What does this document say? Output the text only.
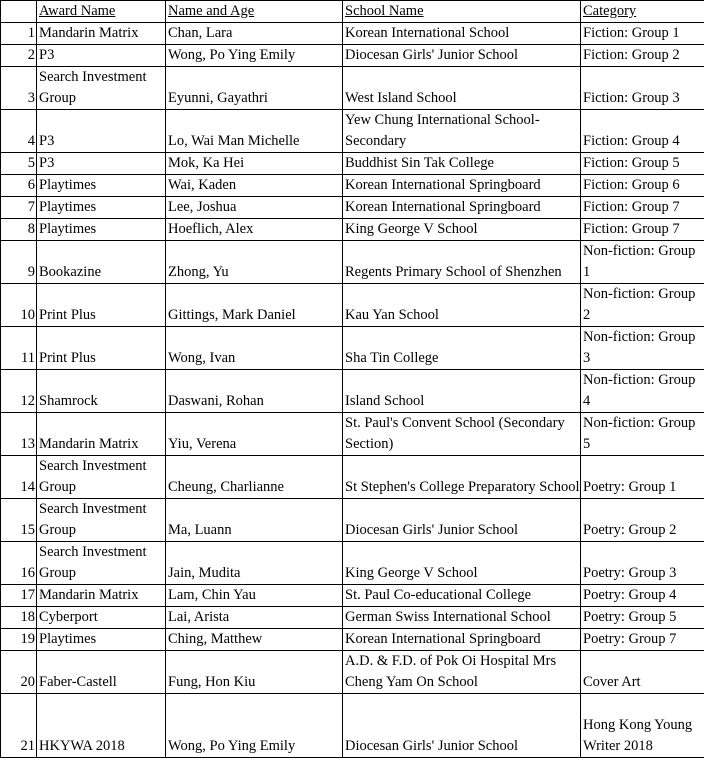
	Award Name	Name and Age	School Name	Category
1	Mandarin Matrix	Chan, Lara	Korean International School	Fiction: Group 1
2	P3	Wong, Po Ying Emily	Diocesan Girls' Junior School	Fiction: Group 2
3	Search Investment Group	Eyunni, Gayathri	West Island School	Fiction: Group 3
4	P3	Lo, Wai Man Michelle	Yew Chung International School-Secondary	Fiction: Group 4
5	P3	Mok, Ka Hei	Buddhist Sin Tak College	Fiction: Group 5
6	Playtimes	Wai, Kaden	Korean International Springboard	Fiction: Group 6
7	Playtimes	Lee, Joshua	Korean International Springboard	Fiction: Group 7
8	Playtimes	Hoeflich, Alex	King George V School	Fiction: Group 7
9	Bookazine	Zhong, Yu	Regents Primary School of Shenzhen	Non-fiction: Group 1
10	Print Plus	Gittings, Mark Daniel	Kau Yan School	Non-fiction: Group 2
11	Print Plus	Wong, Ivan	Sha Tin College	Non-fiction: Group 3
12	Shamrock	Daswani, Rohan	Island School	Non-fiction: Group 4
13	Mandarin Matrix	Yiu, Verena	St. Paul's Convent School (Secondary Section)	Non-fiction: Group 5
14	Search Investment Group	Cheung, Charlianne	St Stephen's College Preparatory School	Poetry: Group 1
15	Search Investment Group	Ma, Luann	Diocesan Girls' Junior School	Poetry: Group 2
16	Search Investment Group	Jain, Mudita	King George V School	Poetry: Group 3
17	Mandarin Matrix	Lam, Chin Yau	St. Paul Co-educational College	Poetry: Group 4
18	Cyberport	Lai, Arista	German Swiss International School	Poetry: Group 5
19	Playtimes	Ching, Matthew	Korean International Springboard	Poetry: Group 7
20	Faber-Castell	Fung, Hon Kiu	A.D. & F.D. of Pok Oi Hospital Mrs Cheng Yam On School	Cover Art
21	HKYWA 2018	Wong, Po Ying Emily	Diocesan Girls' Junior School	Hong Kong Young Writer 2018
